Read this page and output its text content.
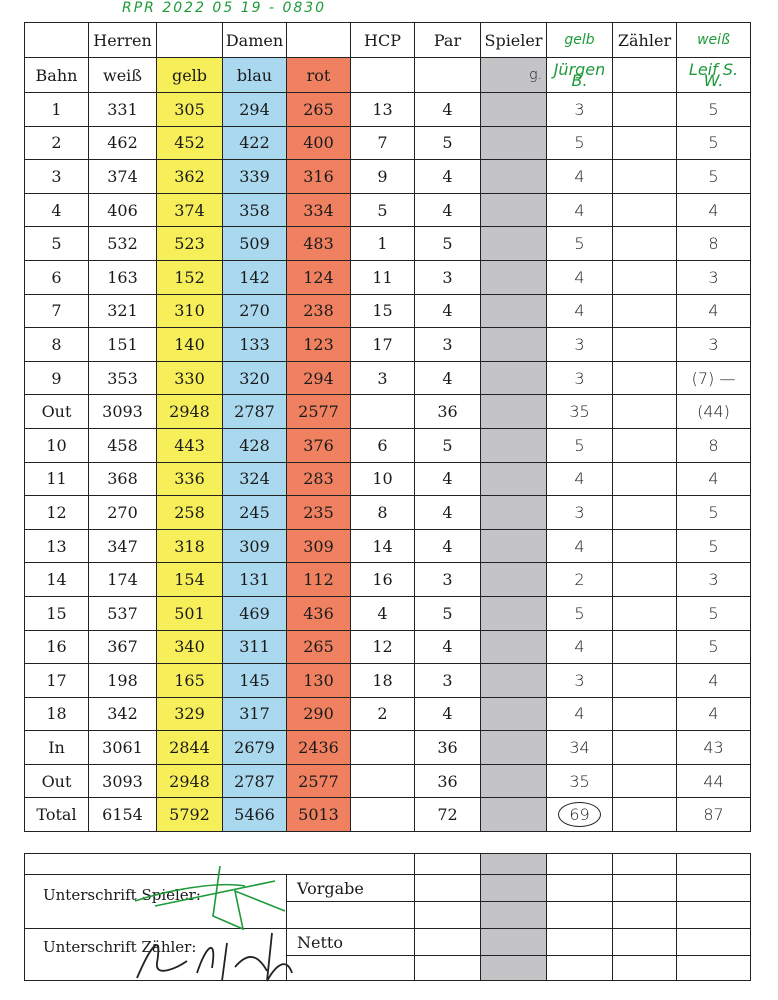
RPR 2022 05 19 - 0830
	Herren		Damen		HCP	Par	Spieler	gelb	Zähler	weiß
Bahn	weiß	gelb	blau	rot			g.	Jürgen B.		Leif S. W.
1	331	305	294	265	13	4		3		5
2	462	452	422	400	7	5		5		5
3	374	362	339	316	9	4		4		5
4	406	374	358	334	5	4		4		4
5	532	523	509	483	1	5		5		8
6	163	152	142	124	11	3		4		3
7	321	310	270	238	15	4		4		4
8	151	140	133	123	17	3		3		3
9	353	330	320	294	3	4		3		(7) —
Out	3093	2948	2787	2577		36		35		(44)
10	458	443	428	376	6	5		5		8
11	368	336	324	283	10	4		4		4
12	270	258	245	235	8	4		3		5
13	347	318	309	309	14	4		4		5
14	174	154	131	112	16	3		2		3
15	537	501	469	436	4	5		5		5
16	367	340	311	265	12	4		4		5
17	198	165	145	130	18	3		3		4
18	342	329	317	290	2	4		4		4
In	3061	2844	2679	2436		36		34		43
Out	3093	2948	2787	2577		36		35		44
Total	6154	5792	5466	5013		72		69		87

Unterschrift Spieler:	Vorgabe					

Unterschrift Zähler:	Netto					
